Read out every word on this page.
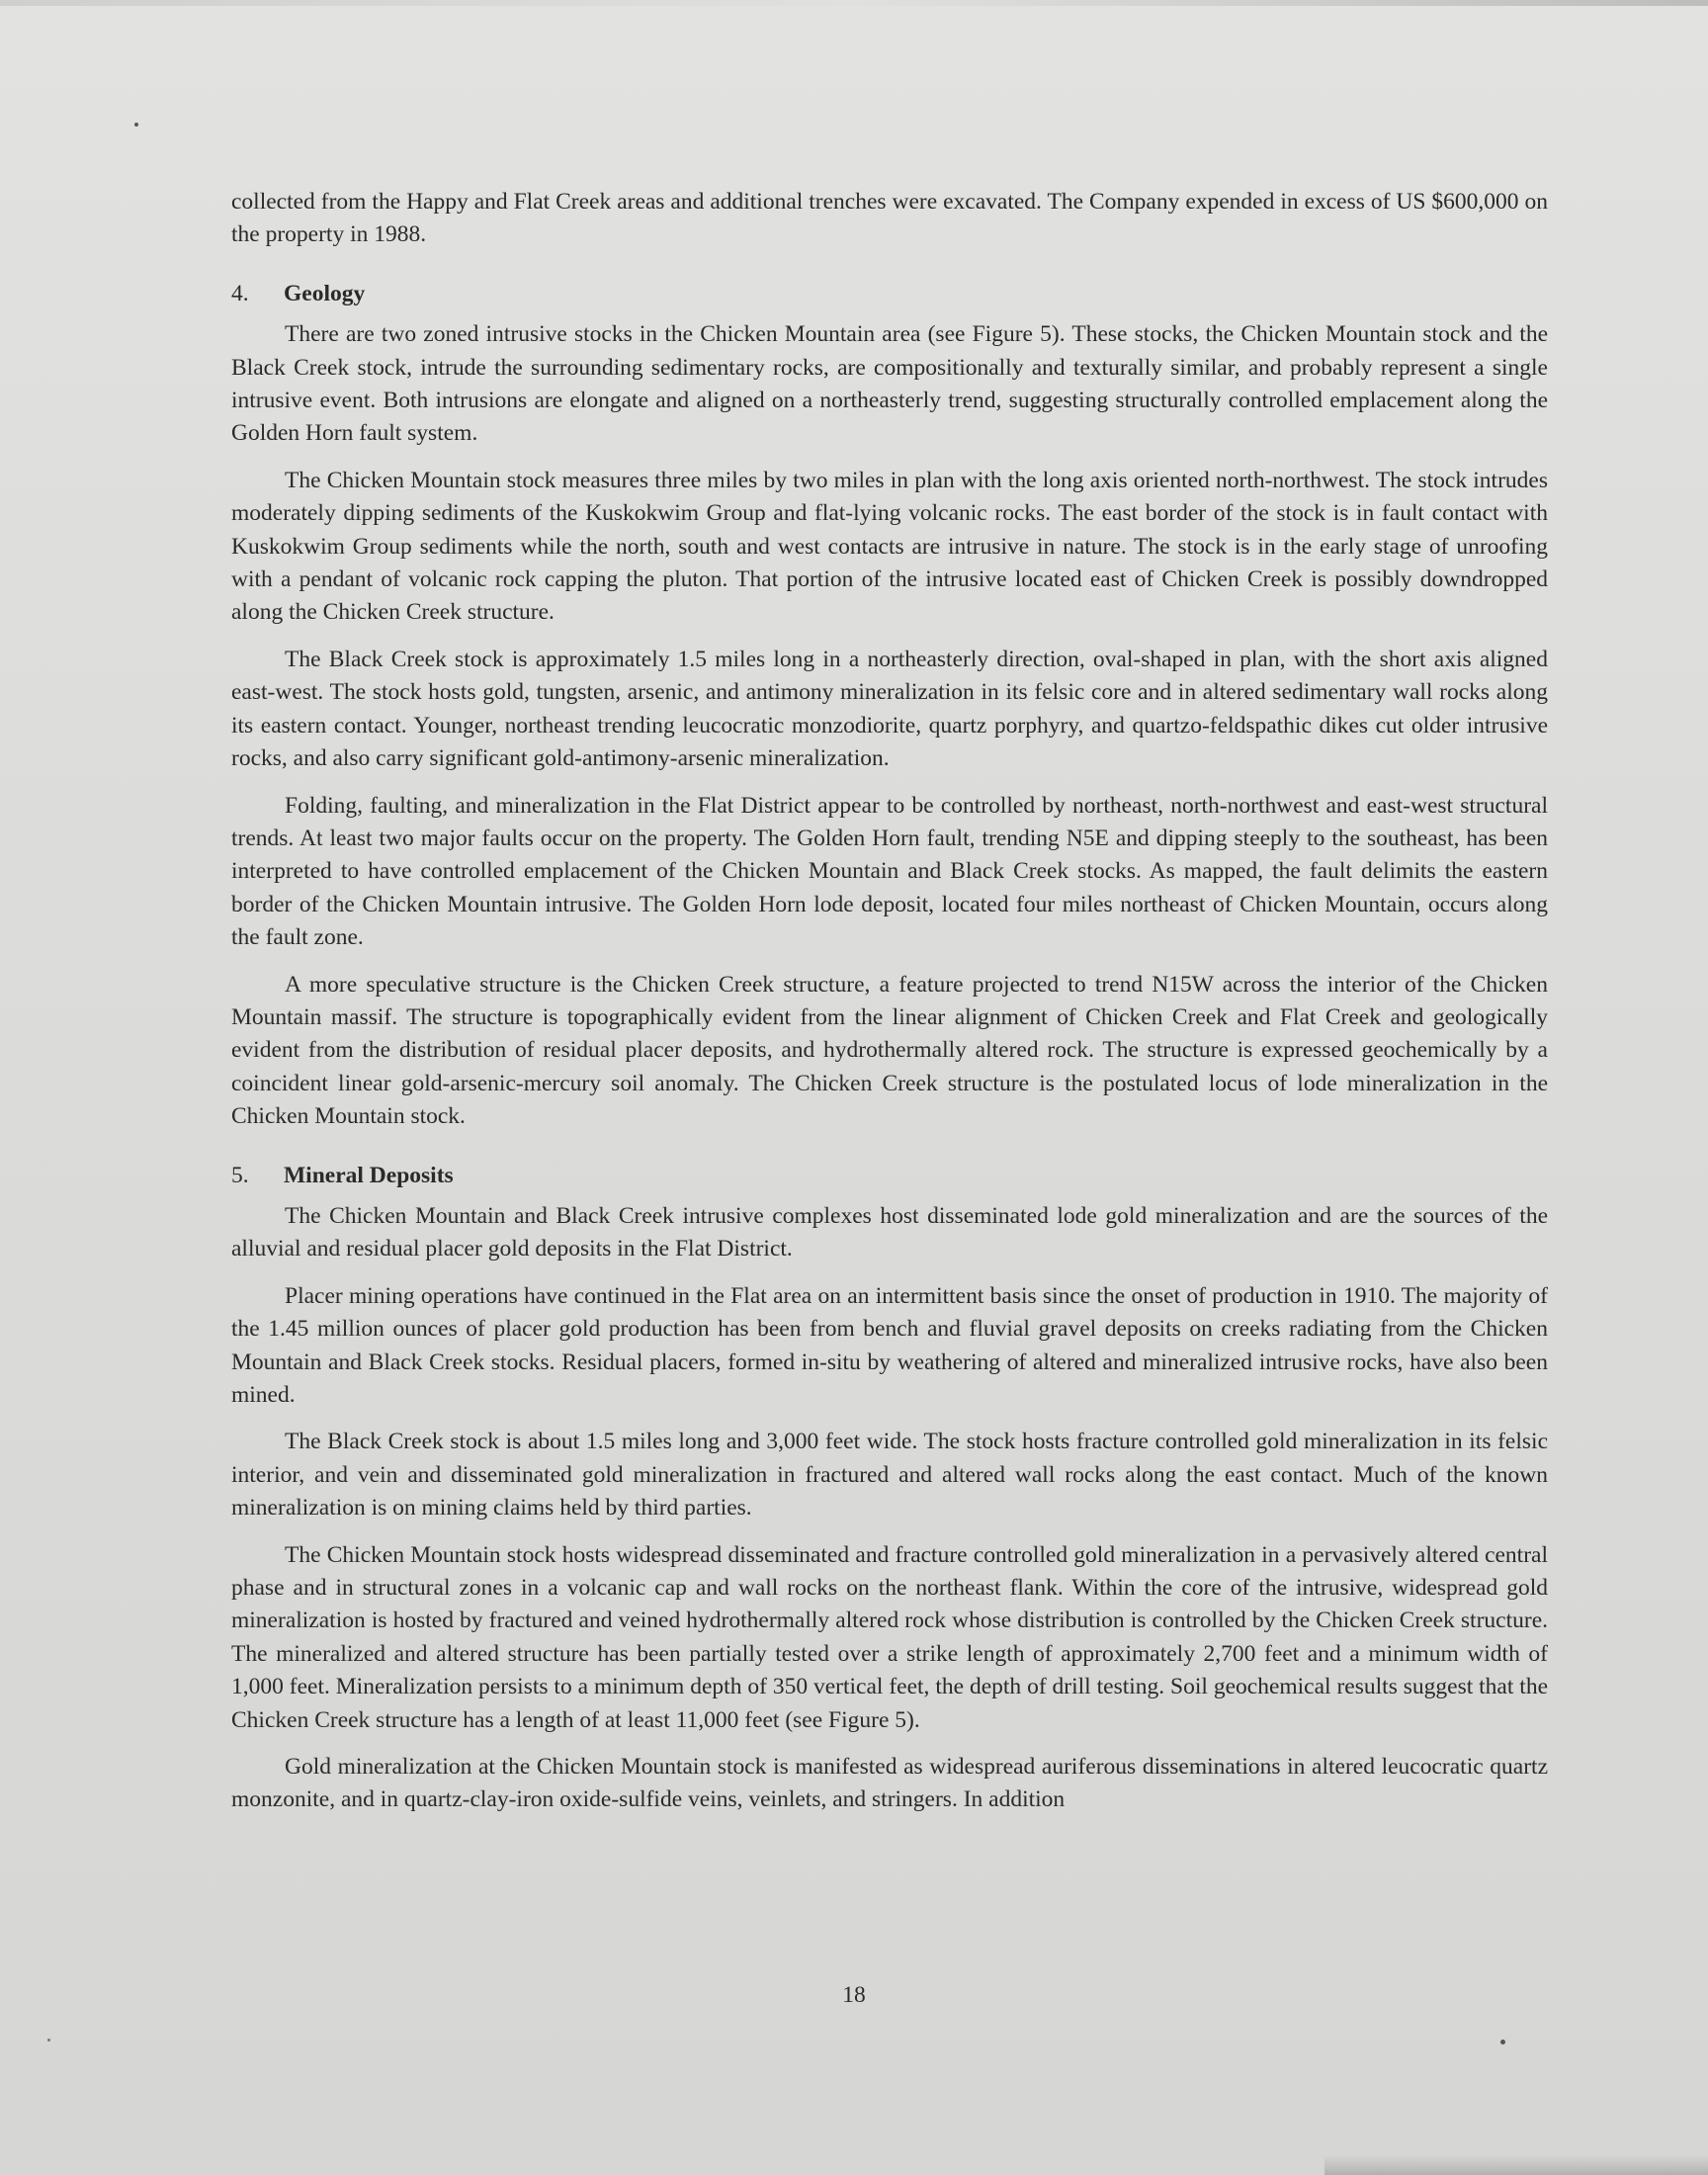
collected from the Happy and Flat Creek areas and additional trenches were excavated. The Company expended in excess of US $600,000 on the property in 1988.

4. Geology

There are two zoned intrusive stocks in the Chicken Mountain area (see Figure 5). These stocks, the Chicken Mountain stock and the Black Creek stock, intrude the surrounding sedimentary rocks, are compositionally and texturally similar, and probably represent a single intrusive event. Both intrusions are elongate and aligned on a northeasterly trend, suggesting structurally controlled emplacement along the Golden Horn fault system.

The Chicken Mountain stock measures three miles by two miles in plan with the long axis oriented north-northwest. The stock intrudes moderately dipping sediments of the Kuskokwim Group and flat-lying volcanic rocks. The east border of the stock is in fault contact with Kuskokwim Group sediments while the north, south and west contacts are intrusive in nature. The stock is in the early stage of unroofing with a pendant of volcanic rock capping the pluton. That portion of the intrusive located east of Chicken Creek is possibly downdropped along the Chicken Creek structure.

The Black Creek stock is approximately 1.5 miles long in a northeasterly direction, oval-shaped in plan, with the short axis aligned east-west. The stock hosts gold, tungsten, arsenic, and antimony mineralization in its felsic core and in altered sedimentary wall rocks along its eastern contact. Younger, northeast trending leucocratic monzodiorite, quartz porphyry, and quartzo-feldspathic dikes cut older intrusive rocks, and also carry significant gold-antimony-arsenic mineralization.

Folding, faulting, and mineralization in the Flat District appear to be controlled by northeast, north-northwest and east-west structural trends. At least two major faults occur on the property. The Golden Horn fault, trending N5E and dipping steeply to the southeast, has been interpreted to have controlled emplacement of the Chicken Mountain and Black Creek stocks. As mapped, the fault delimits the eastern border of the Chicken Mountain intrusive. The Golden Horn lode deposit, located four miles northeast of Chicken Mountain, occurs along the fault zone.

A more speculative structure is the Chicken Creek structure, a feature projected to trend N15W across the interior of the Chicken Mountain massif. The structure is topographically evident from the linear alignment of Chicken Creek and Flat Creek and geologically evident from the distribution of residual placer deposits, and hydrothermally altered rock. The structure is expressed geochemically by a coincident linear gold-arsenic-mercury soil anomaly. The Chicken Creek structure is the postulated locus of lode mineralization in the Chicken Mountain stock.

5. Mineral Deposits

The Chicken Mountain and Black Creek intrusive complexes host disseminated lode gold mineralization and are the sources of the alluvial and residual placer gold deposits in the Flat District.

Placer mining operations have continued in the Flat area on an intermittent basis since the onset of production in 1910. The majority of the 1.45 million ounces of placer gold production has been from bench and fluvial gravel deposits on creeks radiating from the Chicken Mountain and Black Creek stocks. Residual placers, formed in-situ by weathering of altered and mineralized intrusive rocks, have also been mined.

The Black Creek stock is about 1.5 miles long and 3,000 feet wide. The stock hosts fracture controlled gold mineralization in its felsic interior, and vein and disseminated gold mineralization in fractured and altered wall rocks along the east contact. Much of the known mineralization is on mining claims held by third parties.

The Chicken Mountain stock hosts widespread disseminated and fracture controlled gold mineralization in a pervasively altered central phase and in structural zones in a volcanic cap and wall rocks on the northeast flank. Within the core of the intrusive, widespread gold mineralization is hosted by fractured and veined hydrothermally altered rock whose distribution is controlled by the Chicken Creek structure. The mineralized and altered structure has been partially tested over a strike length of approximately 2,700 feet and a minimum width of 1,000 feet. Mineralization persists to a minimum depth of 350 vertical feet, the depth of drill testing. Soil geochemical results suggest that the Chicken Creek structure has a length of at least 11,000 feet (see Figure 5).

Gold mineralization at the Chicken Mountain stock is manifested as widespread auriferous disseminations in altered leucocratic quartz monzonite, and in quartz-clay-iron oxide-sulfide veins, veinlets, and stringers. In addition

18
